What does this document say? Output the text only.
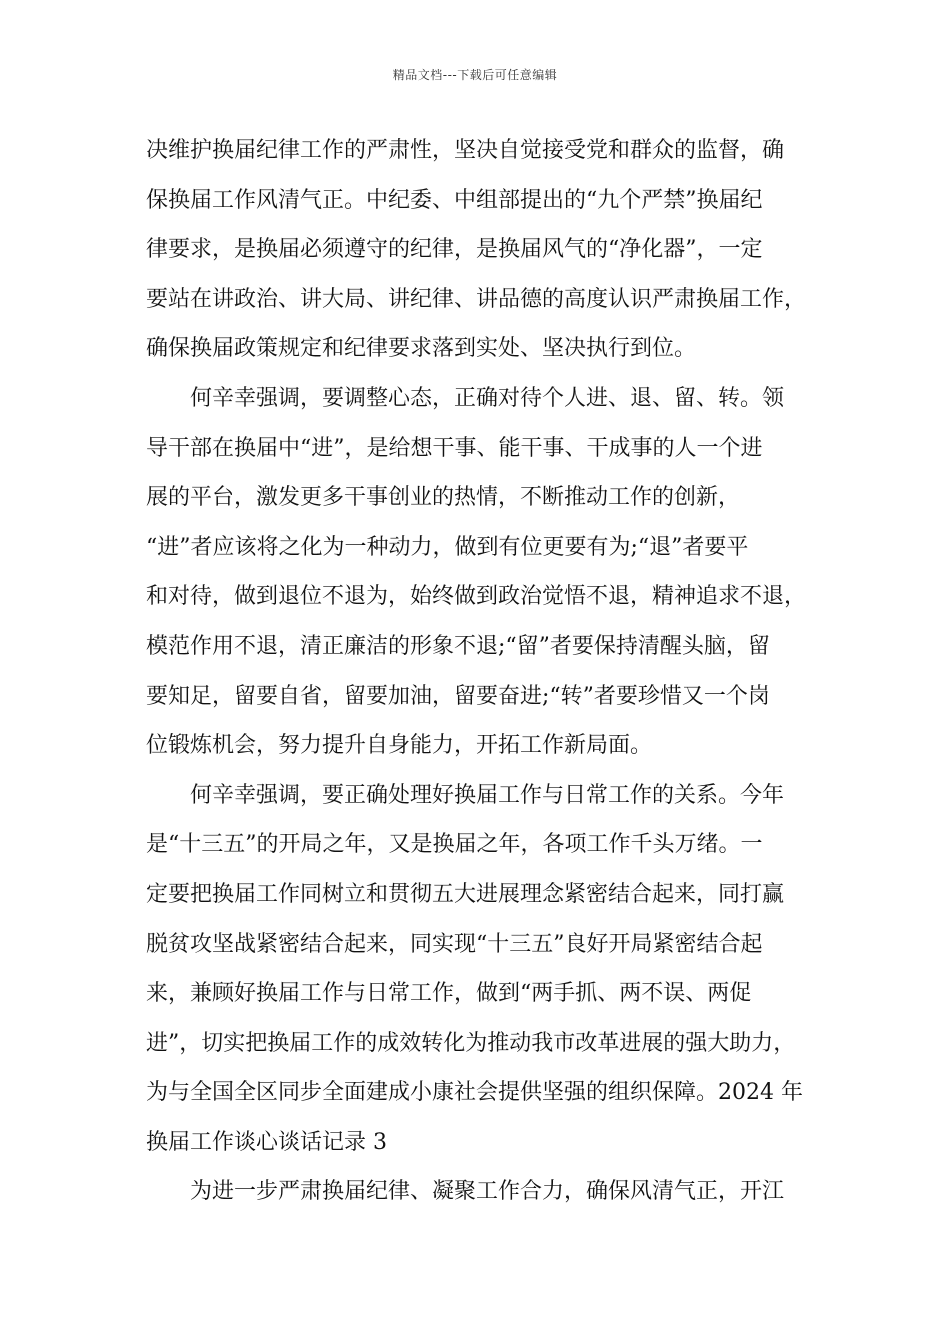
精品文档---下载后可任意编辑
决维护换届纪律工作的严肃性，坚决自觉接受党和群众的监督，确
保换届工作风清气正。中纪委、中组部提出的“九个严禁”换届纪
律要求，是换届必须遵守的纪律，是换届风气的“净化器”，一定
要站在讲政治、讲大局、讲纪律、讲品德的高度认识严肃换届工作，
确保换届政策规定和纪律要求落到实处、坚决执行到位。
何辛幸强调，要调整心态，正确对待个人进、退、留、转。领
导干部在换届中“进”，是给想干事、能干事、干成事的人一个进
展的平台，激发更多干事创业的热情，不断推动工作的创新，
“进”者应该将之化为一种动力，做到有位更要有为;“退”者要平
和对待，做到退位不退为，始终做到政治觉悟不退，精神追求不退，
模范作用不退，清正廉洁的形象不退;“留”者要保持清醒头脑，留
要知足，留要自省，留要加油，留要奋进;“转”者要珍惜又一个岗
位锻炼机会，努力提升自身能力，开拓工作新局面。
何辛幸强调，要正确处理好换届工作与日常工作的关系。今年
是“十三五”的开局之年，又是换届之年，各项工作千头万绪。一
定要把换届工作同树立和贯彻五大进展理念紧密结合起来，同打赢
脱贫攻坚战紧密结合起来，同实现“十三五”良好开局紧密结合起
来，兼顾好换届工作与日常工作，做到“两手抓、两不误、两促
进”，切实把换届工作的成效转化为推动我市改革进展的强大助力，
为与全国全区同步全面建成小康社会提供坚强的组织保障。2024 年
换届工作谈心谈话记录 3
为进一步严肃换届纪律、凝聚工作合力，确保风清气正，开江
